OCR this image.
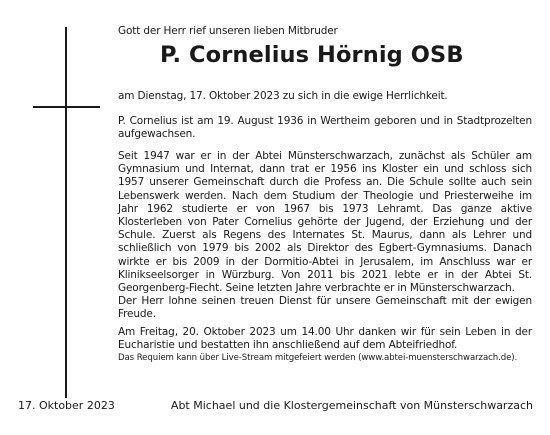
Gott der Herr rief unseren lieben Mitbruder
P. Cornelius Hörnig OSB
am Dienstag, 17. Oktober 2023 zu sich in die ewige Herrlichkeit.
P. Cornelius ist am 19. August 1936 in Wertheim geboren und in Stadtprozelten aufgewachsen.
Seit 1947 war er in der Abtei Münsterschwarzach, zunächst als Schüler am Gymnasium und Internat, dann trat er 1956 ins Kloster ein und schloss sich 1957 unserer Gemeinschaft durch die Profess an. Die Schule sollte auch sein Lebenswerk werden. Nach dem Studium der Theologie und Priesterweihe im Jahr 1962 studierte er von 1967 bis 1973 Lehramt. Das ganze aktive Klosterleben von Pater Cornelius gehörte der Jugend, der Erziehung und der Schule. Zuerst als Regens des Internates St. Maurus, dann als Lehrer und schließlich von 1979 bis 2002 als Direktor des Egbert-Gymnasiums. Danach wirkte er bis 2009 in der Dormitio-Abtei in Jerusalem, im Anschluss war er Klinikseelsorger in Würzburg. Von 2011 bis 2021 lebte er in der Abtei St. Georgenberg-Fiecht. Seine letzten Jahre verbrachte er in Münsterschwarzach.
Der Herr lohne seinen treuen Dienst für unsere Gemeinschaft mit der ewigen Freude.
Am Freitag, 20. Oktober 2023 um 14.00 Uhr danken wir für sein Leben in der Eucharistie und bestatten ihn anschließend auf dem Abteifriedhof.
Das Requiem kann über Live-Stream mitgefeiert werden (www.abtei-muensterschwarzach.de).
17. Oktober 2023	Abt Michael und die Klostergemeinschaft von Münsterschwarzach
